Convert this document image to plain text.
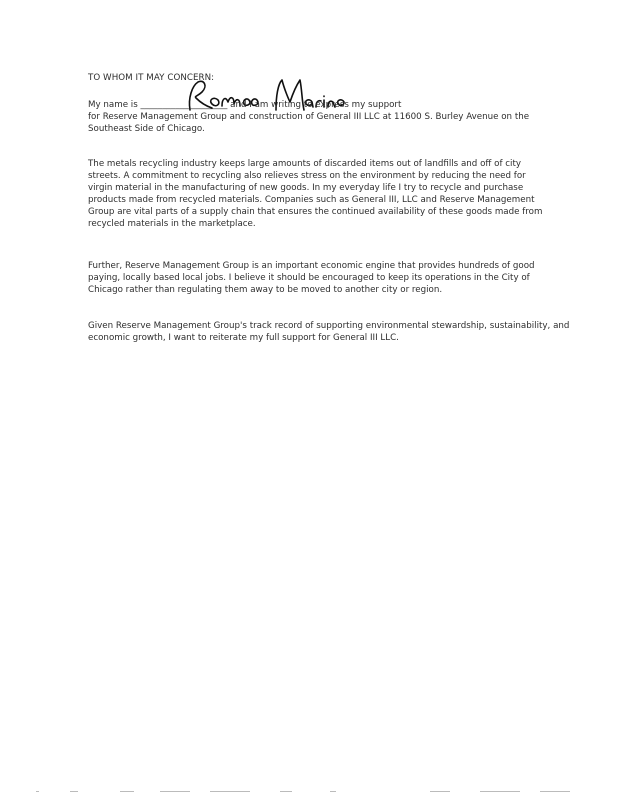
TO WHOM IT MAY CONCERN:
My name is ____________________ and I am writing to express my support
for Reserve Management Group and construction of General III LLC at 11600 S. Burley Avenue on the
Southeast Side of Chicago.
The metals recycling industry keeps large amounts of discarded items out of landfills and off of city
streets. A commitment to recycling also relieves stress on the environment by reducing the need for
virgin material in the manufacturing of new goods. In my everyday life I try to recycle and purchase
products made from recycled materials. Companies such as General III, LLC and Reserve Management
Group are vital parts of a supply chain that ensures the continued availability of these goods made from
recycled materials in the marketplace.
Further, Reserve Management Group is an important economic engine that provides hundreds of good
paying, locally based local jobs. I believe it should be encouraged to keep its operations in the City of
Chicago rather than regulating them away to be moved to another city or region.
Given Reserve Management Group's track record of supporting environmental stewardship, sustainability, and
economic growth, I want to reiterate my full support for General III LLC.
